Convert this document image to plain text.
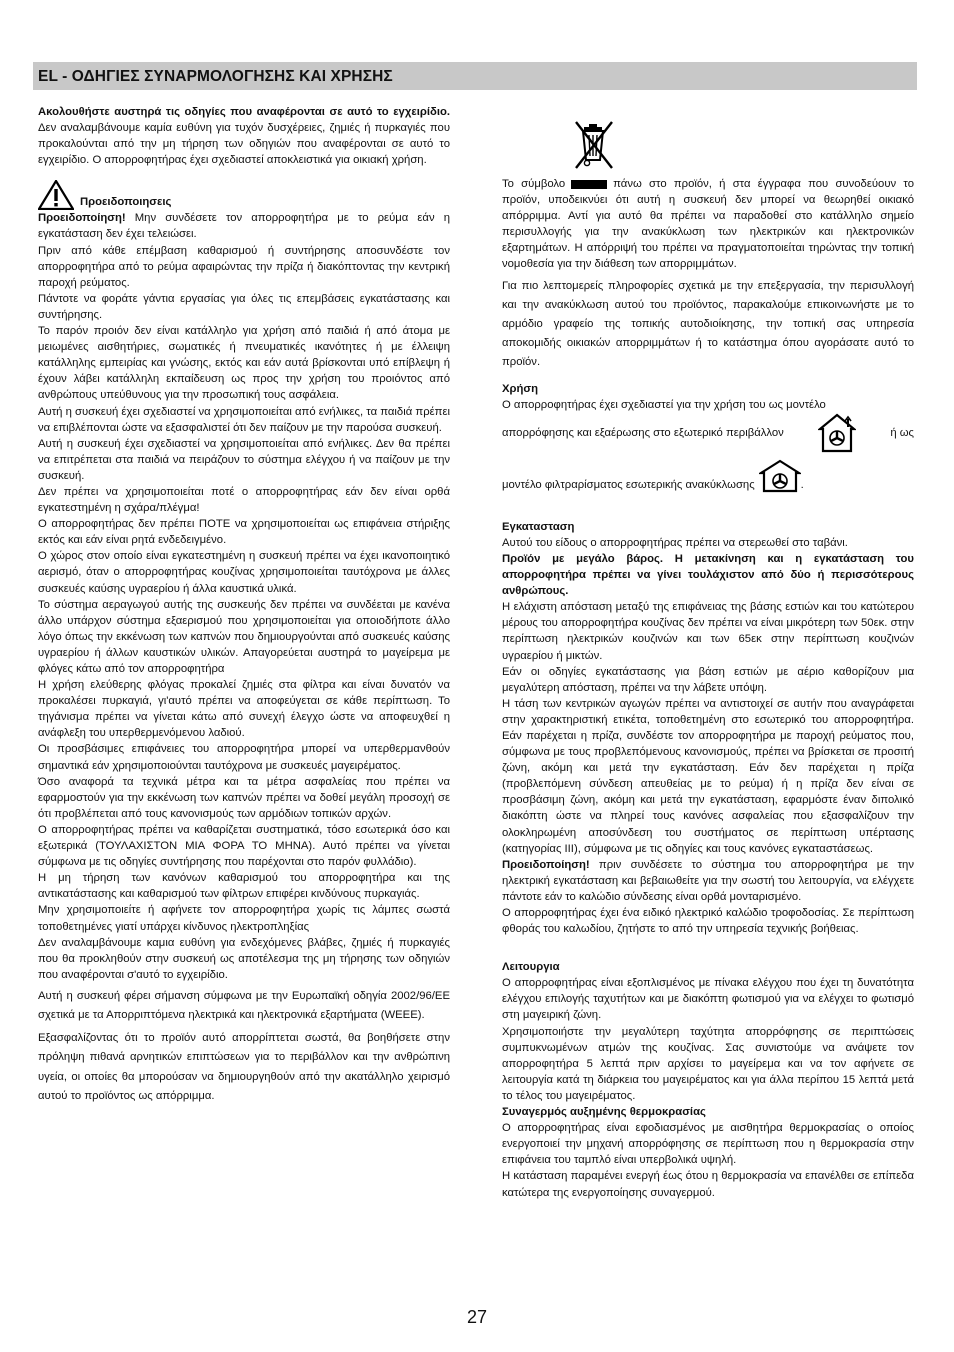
EL - ΟΔΗΓΙΕΣ ΣΥΝΑΡΜΟΛΟΓΗΣΗΣ ΚΑΙ ΧΡΗΣΗΣ

Ακολουθήστε αυστηρά τις οδηγίες που αναφέρονται σε αυτό το εγχειρίδιο. Δεν αναλαμβάνουμε καμία ευθύνη για τυχόν δυσχέρειες, ζημιές ή πυρκαγιές που προκαλούνται από την μη τήρηση των οδηγιών που αναφέρονται σε αυτό το εγχειρίδιο. Ο απορροφητήρας έχει σχεδιαστεί αποκλειστικά για οικιακή χρήση.

Προειδοποιησεις

Προειδοποίηση! Μην συνδέσετε τον απορροφητήρα με το ρεύμα εάν η εγκατάσταση δεν έχει τελειώσει.

Πριν από κάθε επέμβαση καθαρισμού ή συντήρησης αποσυνδέστε τον απορροφητήρα από το ρεύμα αφαιρώντας την πρίζα ή διακόπτοντας την κεντρική παροχή ρεύματος.

Πάντοτε να φοράτε γάντια εργασίας για όλες τις επεμβάσεις εγκατάστασης και συντήρησης.

Το παρόν προιόν δεν είναι κατάλληλο για χρήση από παιδιά ή από άτομα με μειωμένες αισθητήριες, σωματικές ή πνευματικές ικανότητες ή με έλλειψη κατάλληλης εμπειρίας και γνώσης, εκτός και εάν αυτά βρίσκονται υπό επίβλεψη ή έχουν λάβει κατάλληλη εκπαίδευση ως προς την χρήση του προιόντος από ανθρώπους υπεύθυνους για την προσωπική τους ασφάλεια.

Αυτή η συσκευή έχει σχεδιαστεί να χρησιμοποιείται από ενήλικες, τα παιδιά πρέπει να επιβλέπονται ώστε να εξασφαλιστεί ότι δεν παίζουν με την παρούσα συσκευή.

Αυτή η συσκευή έχει σχεδιαστεί να χρησιμοποιείται από ενήλικες. Δεν θα πρέπει να επιτρέπεται στα παιδιά να πειράζουν το σύστημα ελέγχου ή να παίζουν με την συσκευή.

Δεν πρέπει να χρησιμοποιείται ποτέ ο απορροφητήρας εάν δεν είναι ορθά εγκατεστημένη η σχάρα/πλέγμα!

Ο απορροφητήρας δεν πρέπει ΠΟΤΕ να χρησιμοποιείται ως επιφάνεια στήριξης εκτός και εάν είναι ρητά ενδεδειγμένο.

Ο χώρος στον οποίο είναι εγκατεστημένη η συσκευή πρέπει να έχει ικανοποιητικό αερισμό, όταν ο απορροφητήρας κουζίνας χρησιμοποιείται ταυτόχρονα με άλλες συσκευές καύσης υγραερίου ή άλλα καυστικά υλικά.

Το σύστημα αεραγωγού αυτής της συσκευής δεν πρέπει να συνδέεται με κανένα άλλο υπάρχον σύστημα εξαερισμού που χρησιμοποιείται για οποιοδήποτε άλλο λόγο όπως την εκκένωση των καπνών που δημιουργούνται από συσκευές καύσης υγραερίου ή άλλων καυστικών υλικών. Απαγορεύεται αυστηρά το μαγείρεμα με φλόγες κάτω από τον απορροφητήρα

Η χρήση ελεύθερης φλόγας προκαλεί ζημιές στα φίλτρα και είναι δυνατόν να προκαλέσει πυρκαγιά, γι'αυτό πρέπει να αποφεύγεται σε κάθε περίπτωση. Το τηγάνισμα πρέπει να γίνεται κάτω από συνεχή έλεγχο ώστε να αποφευχθεί η ανάφλεξη του υπερθερμενόμενου λαδιού.

Οι προσβάσιμες επιφάνειες του απορροφητήρα μπορεί να υπερθερμανθούν σημαντικά εάν χρησιμοποιούνται ταυτόχρονα με συσκευές μαγειρέματος.

Όσο αναφορά τα τεχνικά μέτρα και τα μέτρα ασφαλείας που πρέπει να εφαρμοστούν για την εκκένωση των καπνών πρέπει να δοθεί μεγάλη προσοχή σε ότι προβλέπεται από τους κανονισμούς των αρμόδιων τοπικών αρχών.

Ο απορροφητήρας πρέπει να καθαρίζεται συστηματικά, τόσο εσωτερικά όσο και εξωτερικά (ΤΟΥΛΑΧΙΣΤΟΝ ΜΙΑ ΦΟΡΑ ΤΟ ΜΗΝΑ). Αυτό πρέπει να γίνεται σύμφωνα με τις οδηγίες συντήρησης που παρέχονται στο παρόν φυλλάδιο).

Η μη τήρηση των κανόνων καθαρισμού του απορροφητήρα και της αντικατάστασης και καθαρισμού των φίλτρων επιφέρει κινδύνους πυρκαγιάς.

Μην χρησιμοποιείτε ή αφήνετε τον απορροφητήρα χωρίς τις λάμπες σωστά τοποθετημένες γιατί υπάρχει κίνδυνος ηλεκτροπληξίας

Δεν αναλαμβάνουμε καμια ευθύνη για ενδεχόμενες βλάβες, ζημιές ή πυρκαγιές που θα προκληθούν στην συσκευή ως αποτέλεσμα της μη τήρησης των οδηγιών που αναφέρονται σ'αυτό το εγχειρίδιο.

Αυτή η συσκευή φέρει σήμανση σύμφωνα με την Ευρωπαϊκή οδηγία 2002/96/ΕΕ σχετικά με τα Απορριπτόμενα ηλεκτρικά και ηλεκτρονικά εξαρτήματα (WEEE).

Εξασφαλίζοντας ότι το προϊόν αυτό απορρίπτεται σωστά, θα βοηθήσετε στην πρόληψη πιθανά αρνητικών επιπτώσεων για το περιβάλλον και την ανθρώπινη υγεία, οι οποίες θα μπορούσαν να δημιουργηθούν από την ακατάλληλο χειρισμό αυτού το προϊόντος ως απόρριμμα.

Το σύμβολο	πάνω στο προϊόν, ή στα έγγραφα που συνοδεύουν το προϊόν, υποδεικνύει ότι αυτή η συσκευή δεν μπορεί να θεωρηθεί οικιακό απόρριμμα. Αντί για αυτό θα πρέπει να παραδοθεί στο κατάλληλο σημείο περισυλλογής για την ανακύκλωση των ηλεκτρικών και ηλεκτρονικών εξαρτημάτων. Η απόρριψή του πρέπει να πραγματοποιείται τηρώντας την τοπική νομοθεσία για την διάθεση των απορριμμάτων.

Για πιο λεπτομερείς πληροφορίες σχετικά με την επεξεργασία, την περισυλλογή και την ανακύκλωση αυτού του προϊόντος, παρακαλούμε επικοινωνήστε με το αρμόδιο γραφείο της τοπικής αυτοδιοίκησης, την τοπική σας υπηρεσία αποκομιδής οικιακών απορριμμάτων ή το κατάστημα όπου αγοράσατε αυτό το προϊόν.

Χρήση

Ο απορροφητήρας έχει σχεδιαστεί για την χρήση του ως μοντέλο

απορρόφησης και εξαέρωσης στο εξωτερικό περιβάλλον	ή ως
μοντέλο φιλτραρίσματος εσωτερικής ανακύκλωσης	.

Εγκατασταση

Αυτού του είδους ο απορροφητήρας πρέπει να στερεωθεί στο ταβάνι.

Προϊόν με μεγάλο βάρος. Η μετακίνηση και η εγκατάσταση του απορροφητήρα πρέπει να γίνει τουλάχιστον από δύο ή περισσότερους ανθρώπους.

Η ελάχιστη απόσταση μεταξύ της επιφάνειας της βάσης εστιών και του κατώτερου μέρους του απορροφητήρα κουζίνας δεν πρέπει να είναι μικρότερη των 50εκ. στην περίπτωση ηλεκτρικών κουζινών και των 65εκ στην περίπτωση κουζινών υγραερίου ή μικτών.

Εάν οι οδηγίες εγκατάστασης για βάση εστιών με αέριο καθορίζουν μια μεγαλύτερη απόσταση, πρέπει να την λάβετε υπόψη.

Η τάση των κεντρικών αγωγών πρέπει να αντιστοιχεί σε αυτήν που αναγράφεται στην χαρακτηριστική ετικέτα, τοποθετημένη στο εσωτερικό του απορροφητήρα. Εάν παρέχεται η πρίζα, συνδέστε τον απορροφητήρα με παροχή ρεύματος που, σύμφωνα με τους προβλεπόμενους κανονισμούς, πρέπει να βρίσκεται σε προσιτή ζώνη, ακόμη και μετά την εγκατάσταση. Εάν δεν παρέχεται η πρίζα (προβλεπόμενη σύνδεση απευθείας με το ρεύμα) ή η πρίζα δεν είναι σε προσβάσιμη ζώνη, ακόμη και μετά την εγκατάσταση, εφαρμόστε έναν διπολικό διακόπτη ώστε να πληρεί τους κανόνες ασφαλείας που εξασφαλίζουν την ολοκληρωμένη αποσύνδεση του συστήματος σε περίπτωση υπέρτασης (κατηγορίας III), σύμφωνα με τις οδηγίες και τους κανόνες εγκαταστάσεως.

Προειδοποίηση! πριν συνδέσετε το σύστημα του απορροφητήρα με την ηλεκτρική εγκατάσταση και βεβαιωθείτε για την σωστή του λειτουργία, να ελέγχετε πάντοτε εάν το καλώδιο σύνδεσης είναι ορθά μονταρισμένο.

Ο απορροφητήρας έχει ένα ειδικό ηλεκτρικό καλώδιο τροφοδοσίας. Σε περίπτωση φθοράς του καλωδίου, ζητήστε το από την υπηρεσία τεχνικής βοήθειας.

Λειτουργια

Ο απορροφητήρας είναι εξοπλισμένος με πίνακα ελέγχου που έχει τη δυνατότητα ελέγχου επιλογής ταχυτήτων και με διακόπτη φωτισμού για να ελέγχει το φωτισμό στη μαγειρική ζώνη.

Χρησιμοποιήστε την μεγαλύτερη ταχύτητα απορρόφησης σε περιπτώσεις συμπυκνωμένων ατμών της κουζίνας. Σας συνιστούμε να ανάψετε τον απορροφητήρα 5 λεπτά πριν αρχίσει το μαγείρεμα και να τον αφήνετε σε λειτουργία κατά τη διάρκεια του μαγειρέματος και για άλλα περίπου 15 λεπτά μετά το τέλος του μαγειρέματος.

Συναγερμός αυξημένης θερμοκρασίας

Ο απορροφητήρας είναι εφοδιασμένος με αισθητήρα θερμοκρασίας ο οποίος ενεργοποιεί την μηχανή απορρόφησης σε περίπτωση που η θερμοκρασία στην επιφάνεια του ταμπλό είναι υπερβολικά υψηλή.

Η κατάσταση παραμένει ενεργή έως ότου η θερμοκρασία να επανέλθει σε επίπεδα κατώτερα της ενεργοποίησης συναγερμού.

27
